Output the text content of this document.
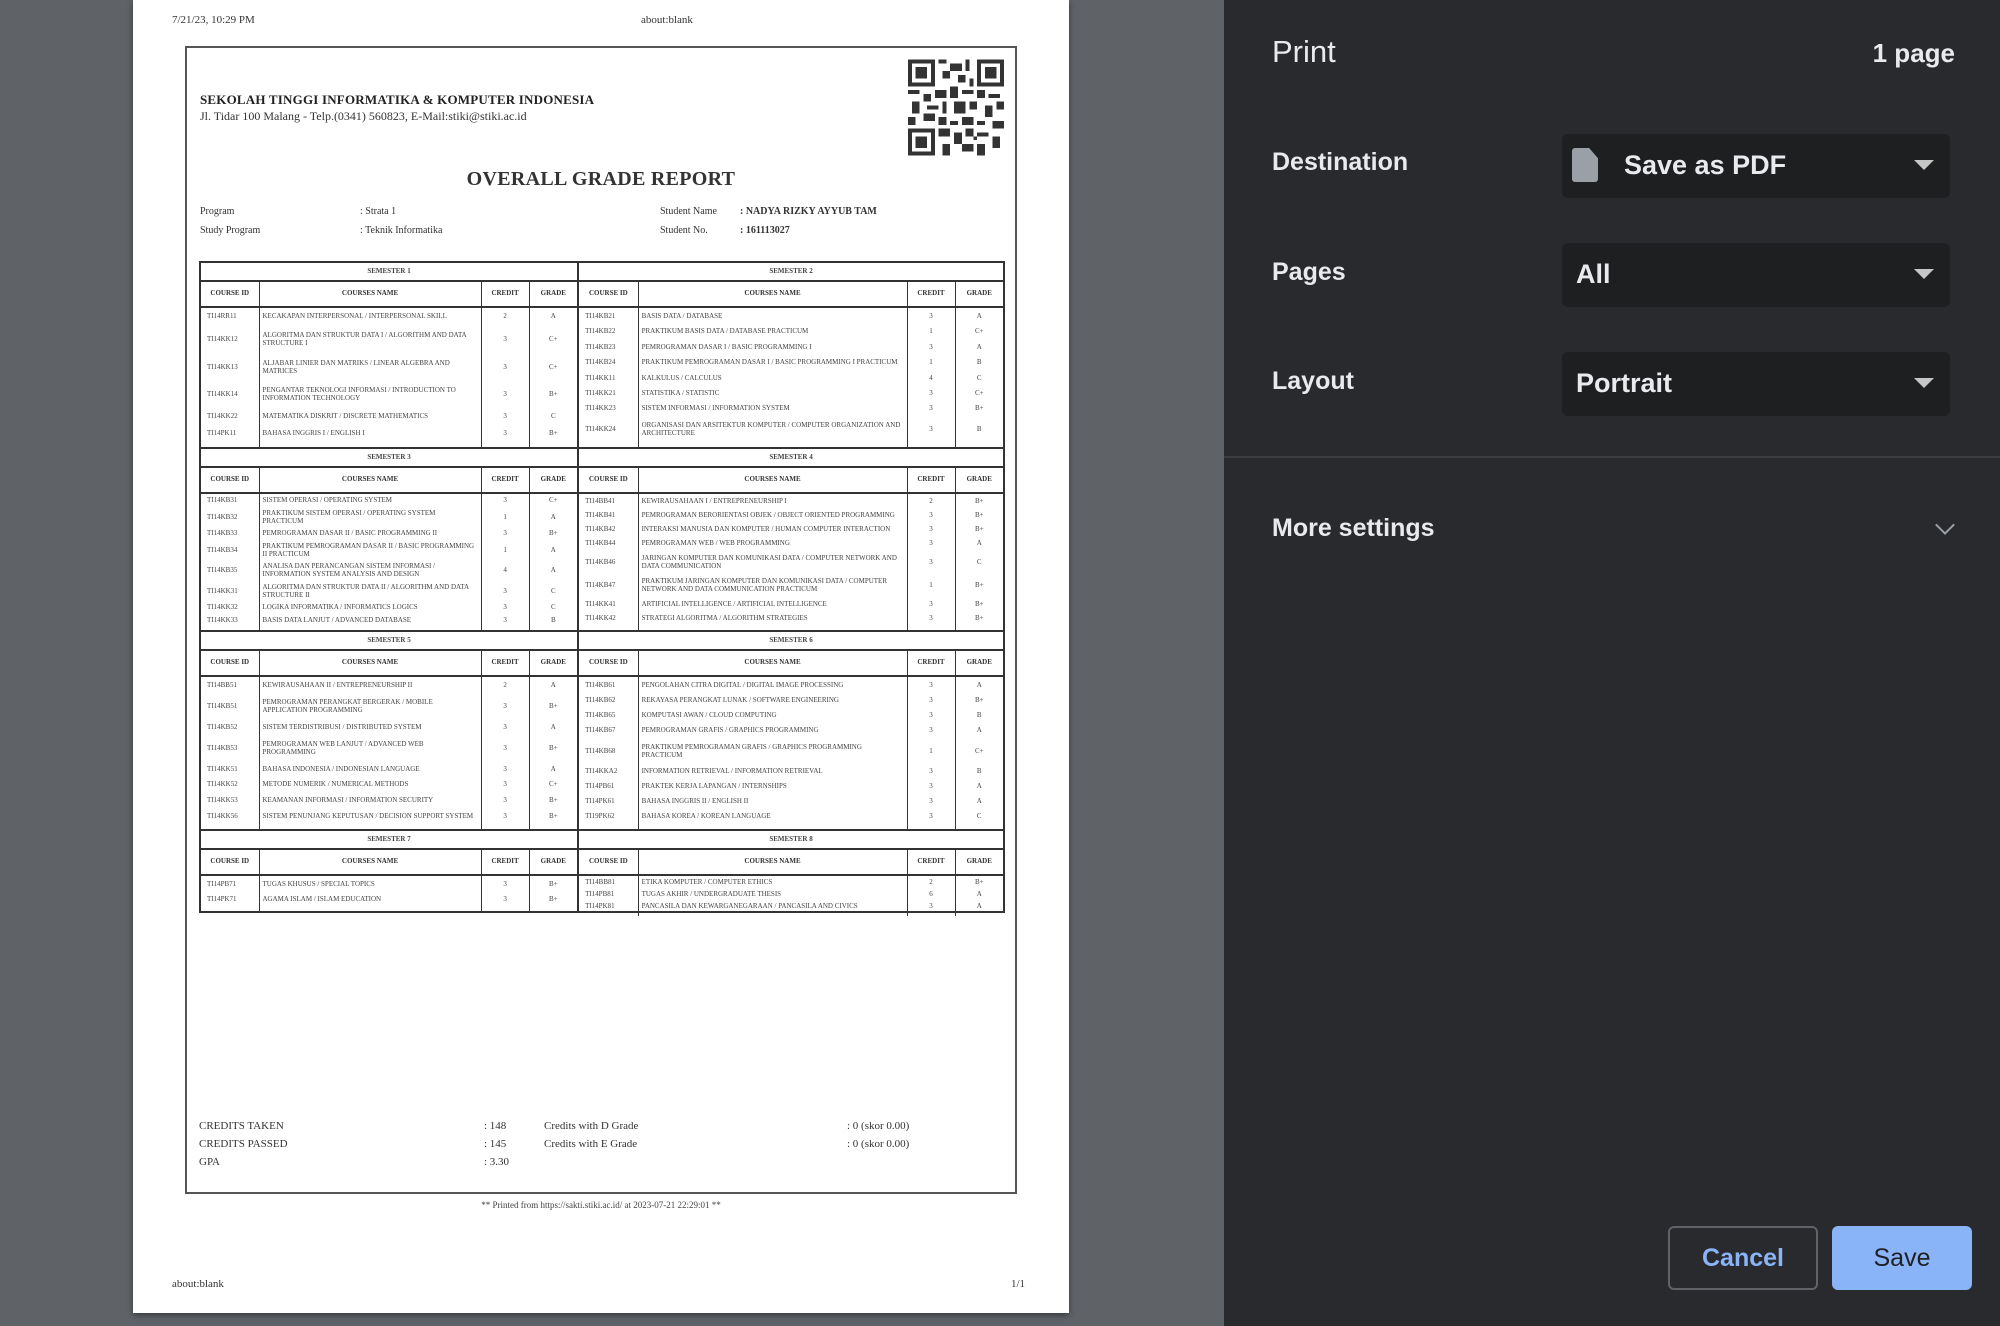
7/21/23, 10:29 PM	about:blank
SEKOLAH TINGGI INFORMATIKA & KOMPUTER INDONESIA
Jl. Tidar 100 Malang - Telp.(0341) 560823, E-Mail:stiki@stiki.ac.id
OVERALL GRADE REPORT
Program	: Strata 1	Student Name : NADYA RIZKY AYYUB TAM
Study Program	: Teknik Informatika	Student No.	: 161113027
SEMESTER 1			
COURSE ID	COURSES NAME	CREDIT	GRADE
TI14RR11	KECAKAPAN INTERPERSONAL / INTERPERSONAL SKILL	2	A
TI14KK12	ALGORITMA DAN STRUKTUR DATA I / ALGORITHM AND DATA STRUCTURE I	3	C+
TI14KK13	ALJABAR LINIER DAN MATRIKS / LINEAR ALGEBRA AND MATRICES	3	C+
TI14KK14	PENGANTAR TEKNOLOGI INFORMASI / INTRODUCTION TO INFORMATION TECHNOLOGY	3	B+
TI14KK22	MATEMATIKA DISKRIT / DISCRETE MATHEMATICS	3	C
TI14PK11	BAHASA INGGRIS I / ENGLISH I	3	B+

SEMESTER 2			
COURSE ID	COURSES NAME	CREDIT	GRADE
TI14KB21	BASIS DATA / DATABASE	3	A
TI14KB22	PRAKTIKUM BASIS DATA / DATABASE PRACTICUM	1	C+
TI14KB23	PEMROGRAMAN DASAR I / BASIC PROGRAMMING I	3	A
TI14KB24	PRAKTIKUM PEMROGRAMAN DASAR I / BASIC PROGRAMMING I PRACTICUM	1	B
TI14KK11	KALKULUS / CALCULUS	4	C
TI14KK21	STATISTIKA / STATISTIC	3	C+
TI14KK23	SISTEM INFORMASI / INFORMATION SYSTEM	3	B+
TI14KK24	ORGANISASI DAN ARSITEKTUR KOMPUTER / COMPUTER ORGANIZATION AND ARCHITECTURE	3	B

SEMESTER 3			
COURSE ID	COURSES NAME	CREDIT	GRADE
TI14KB31	SISTEM OPERASI / OPERATING SYSTEM	3	C+
TI14KB32	PRAKTIKUM SISTEM OPERASI / OPERATING SYSTEM PRACTICUM	1	A
TI14KB33	PEMROGRAMAN DASAR II / BASIC PROGRAMMING II	3	B+
TI14KB34	PRAKTIKUM PEMROGRAMAN DASAR II / BASIC PROGRAMMING II PRACTICUM	1	A
TI14KB35	ANALISA DAN PERANCANGAN SISTEM INFORMASI / INFORMATION SYSTEM ANALYSIS AND DESIGN	4	A
TI14KK31	ALGORITMA DAN STRUKTUR DATA II / ALGORITHM AND DATA STRUCTURE II	3	C
TI14KK32	LOGIKA INFORMATIKA / INFORMATICS LOGICS	3	C
TI14KK33	BASIS DATA LANJUT / ADVANCED DATABASE	3	B

SEMESTER 4			
COURSE ID	COURSES NAME	CREDIT	GRADE
TI14BB41	KEWIRAUSAHAAN I / ENTREPRENEURSHIP I	2	B+
TI14KB41	PEMROGRAMAN BERORIENTASI OBJEK / OBJECT ORIENTED PROGRAMMING	3	B+
TI14KB42	INTERAKSI MANUSIA DAN KOMPUTER / HUMAN COMPUTER INTERACTION	3	B+
TI14KB44	PEMROGRAMAN WEB / WEB PROGRAMMING	3	A
TI14KB46	JARINGAN KOMPUTER DAN KOMUNIKASI DATA / COMPUTER NETWORK AND DATA COMMUNICATION	3	C
TI14KB47	PRAKTIKUM JARINGAN KOMPUTER DAN KOMUNIKASI DATA / COMPUTER NETWORK AND DATA COMMUNICATION PRACTICUM	1	B+
TI14KK41	ARTIFICIAL INTELLIGENCE / ARTIFICIAL INTELLIGENCE	3	B+
TI14KK42	STRATEGI ALGORITMA / ALGORITHM STRATEGIES	3	B+

SEMESTER 5			
COURSE ID	COURSES NAME	CREDIT	GRADE
TI14BB51	KEWIRAUSAHAAN II / ENTREPRENEURSHIP II	2	A
TI14KB51	PEMROGRAMAN PERANGKAT BERGERAK / MOBILE APPLICATION PROGRAMMING	3	B+
TI14KB52	SISTEM TERDISTRIBUSI / DISTRIBUTED SYSTEM	3	A
TI14KB53	PEMROGRAMAN WEB LANJUT / ADVANCED WEB PROGRAMMING	3	B+
TI14KK51	BAHASA INDONESIA / INDONESIAN LANGUAGE	3	A
TI14KK52	METODE NUMERIK / NUMERICAL METHODS	3	C+
TI14KK53	KEAMANAN INFORMASI / INFORMATION SECURITY	3	B+
TI14KK56	SISTEM PENUNJANG KEPUTUSAN / DECISION SUPPORT SYSTEM	3	B+

SEMESTER 6			
COURSE ID	COURSES NAME	CREDIT	GRADE
TI14KB61	PENGOLAHAN CITRA DIGITAL / DIGITAL IMAGE PROCESSING	3	A
TI14KB62	REKAYASA PERANGKAT LUNAK / SOFTWARE ENGINEERING	3	B+
TI14KB65	KOMPUTASI AWAN / CLOUD COMPUTING	3	B
TI14KB67	PEMROGRAMAN GRAFIS / GRAPHICS PROGRAMMING	3	A
TI14KB68	PRAKTIKUM PEMROGRAMAN GRAFIS / GRAPHICS PROGRAMMING PRACTICUM	1	C+
TI14KKA2	INFORMATION RETRIEVAL / INFORMATION RETRIEVAL	3	B
TI14PB61	PRAKTEK KERJA LAPANGAN / INTERNSHIPS	3	A
TI14PK61	BAHASA INGGRIS II / ENGLISH II	3	A
TI19PK62	BAHASA KOREA / KOREAN LANGUAGE	3	C

SEMESTER 7			
COURSE ID	COURSES NAME	CREDIT	GRADE
TI14PB71	TUGAS KHUSUS / SPECIAL TOPICS	3	B+
TI14PK71	AGAMA ISLAM / ISLAM EDUCATION	3	B+

SEMESTER 8			
COURSE ID	COURSES NAME	CREDIT	GRADE
TI14BB81	ETIKA KOMPUTER / COMPUTER ETHICS	2	B+
TI14PB81	TUGAS AKHIR / UNDERGRADUATE THESIS	6	A
TI14PK81	PANCASILA DAN KEWARGANEGARAAN / PANCASILA AND CIVICS	3	A

CREDITS TAKEN	: 148	Credits with D Grade	: 0 (skor 0.00)
CREDITS PASSED	: 145	Credits with E Grade	: 0 (skor 0.00)
GPA	: 3.30
** Printed from https://sakti.stiki.ac.id/ at 2023-07-21 22:29:01 **
about:blank	1/1
Print	1 page
Destination	Save as PDF
Pages	All
Layout	Portrait
More settings
Cancel	Save
